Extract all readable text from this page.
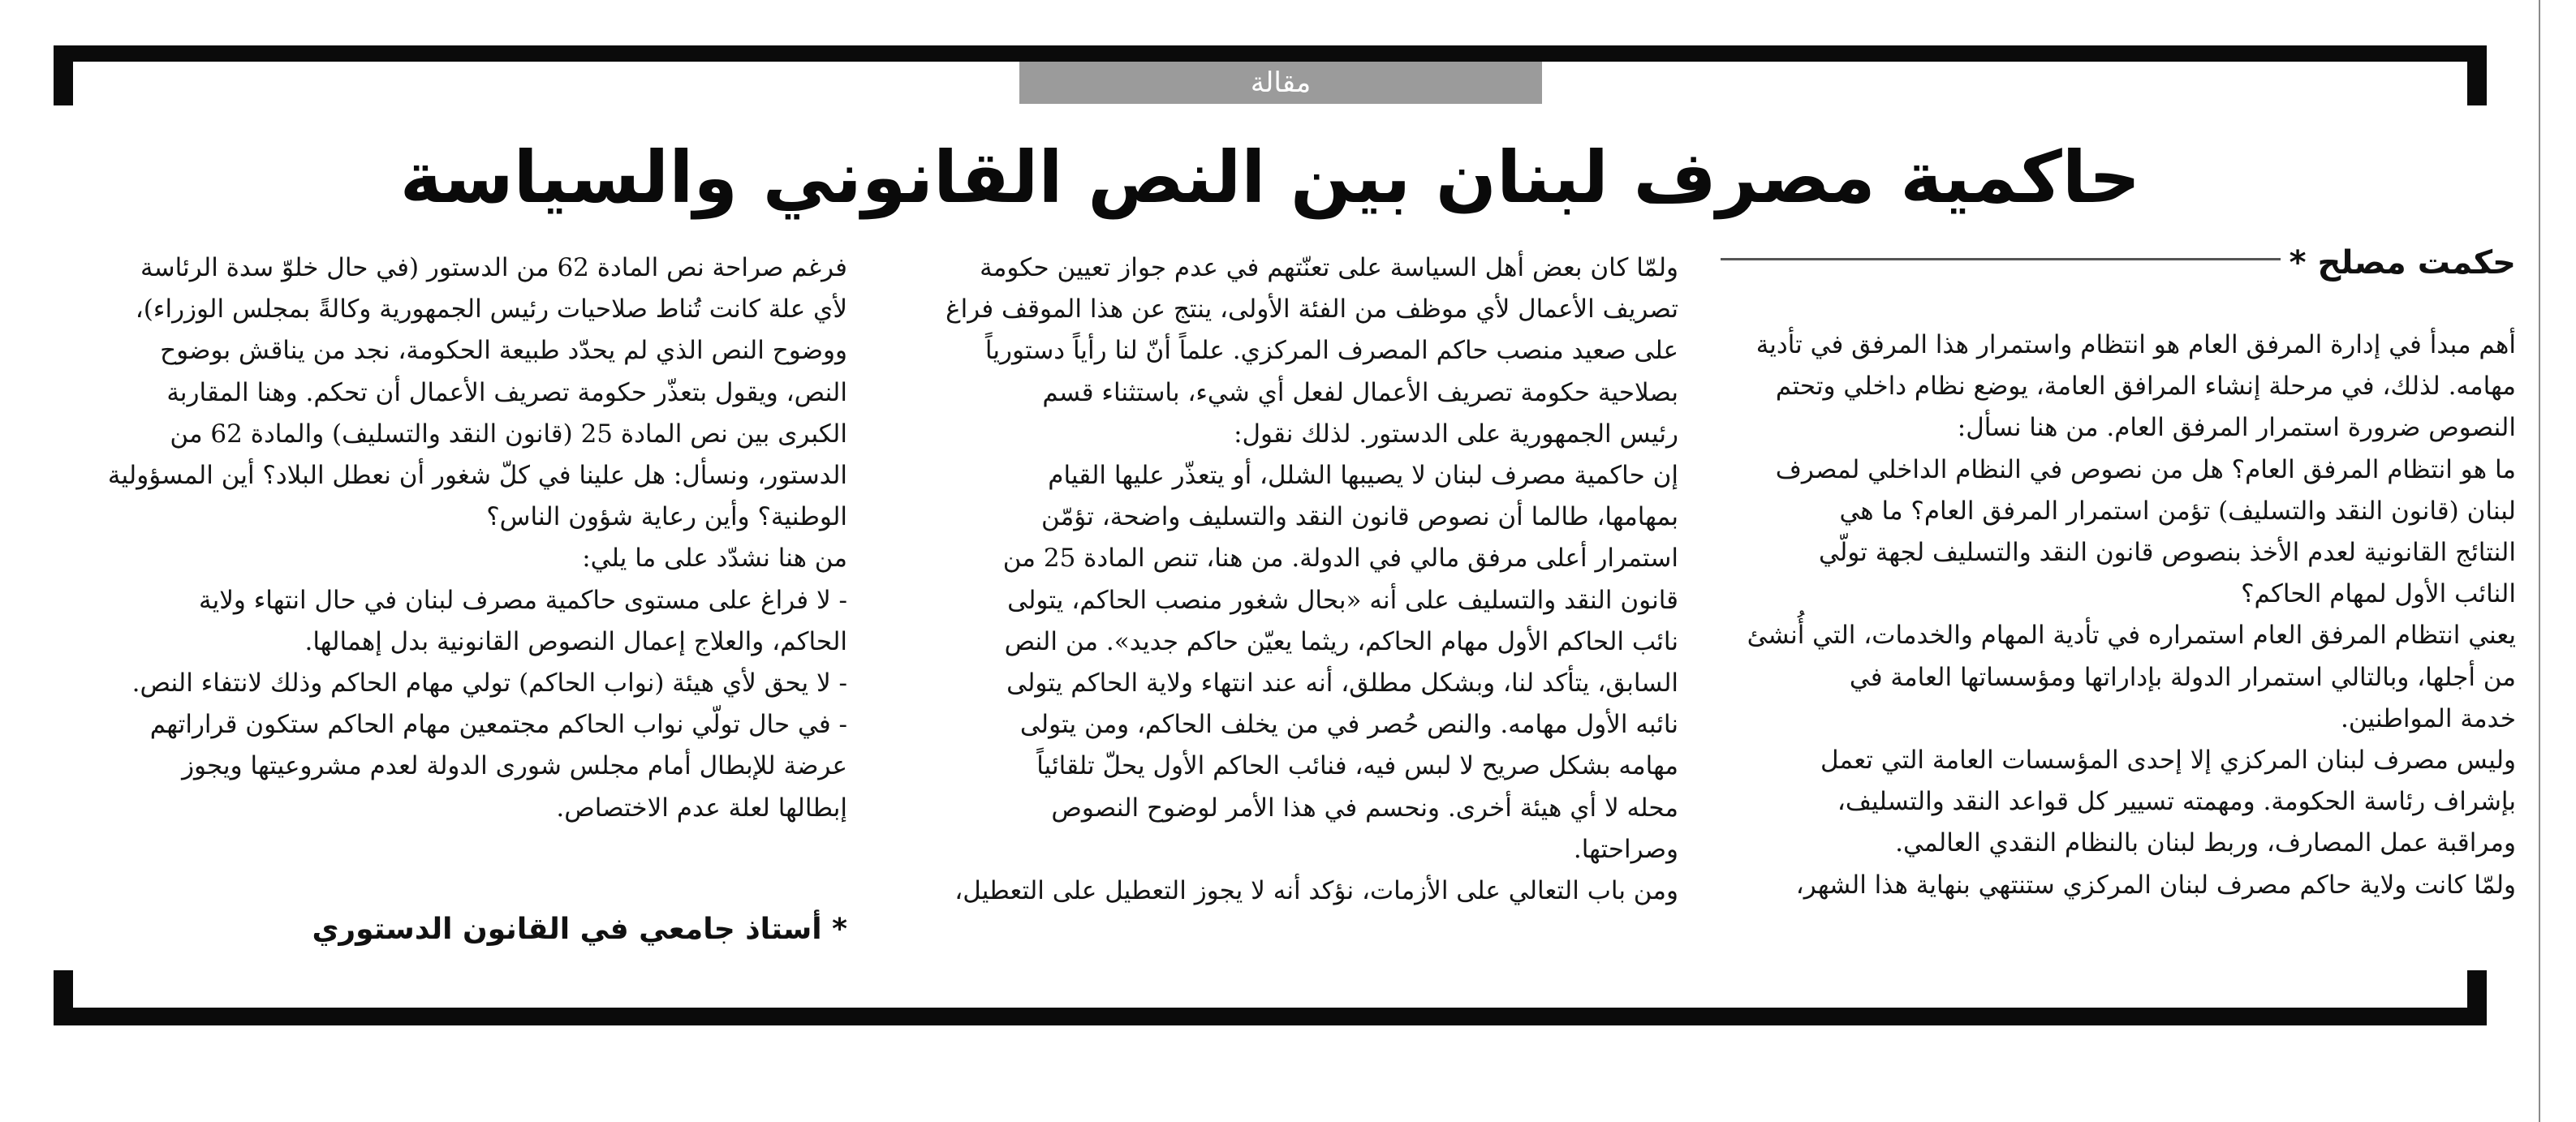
مقالة
حاكمية مصرف لبنان بين النص القانوني والسياسة
حكمت مصلح *

أهم مبدأ في إدارة المرفق العام هو انتظام واستمرار هذا المرفق في تأدية

مهامه. لذلك، في مرحلة إنشاء المرافق العامة، يوضع نظام داخلي وتحتم

النصوص ضرورة استمرار المرفق العام. من هنا نسأل:

ما هو انتظام المرفق العام؟ هل من نصوص في النظام الداخلي لمصرف

لبنان (قانون النقد والتسليف) تؤمن استمرار المرفق العام؟ ما هي

النتائج القانونية لعدم الأخذ بنصوص قانون النقد والتسليف لجهة تولّي

النائب الأول لمهام الحاكم؟

يعني انتظام المرفق العام استمراره في تأدية المهام والخدمات، التي أُنشئ

من أجلها، وبالتالي استمرار الدولة بإداراتها ومؤسساتها العامة في

خدمة المواطنين.

وليس مصرف لبنان المركزي إلا إحدى المؤسسات العامة التي تعمل

بإشراف رئاسة الحكومة. ومهمته تسيير كل قواعد النقد والتسليف،

ومراقبة عمل المصارف، وربط لبنان بالنظام النقدي العالمي.

ولمّا كانت ولاية حاكم مصرف لبنان المركزي ستنتهي بنهاية هذا الشهر،

ولمّا كان بعض أهل السياسة على تعنّتهم في عدم جواز تعيين حكومة

تصريف الأعمال لأي موظف من الفئة الأولى، ينتج عن هذا الموقف فراغ

على صعيد منصب حاكم المصرف المركزي. علماً أنّ لنا رأياً دستورياً

بصلاحية حكومة تصريف الأعمال لفعل أي شيء، باستثناء قسم

رئيس الجمهورية على الدستور. لذلك نقول:

إن حاكمية مصرف لبنان لا يصيبها الشلل، أو يتعذّر عليها القيام

بمهامها، طالما أن نصوص قانون النقد والتسليف واضحة، تؤمّن

استمرار أعلى مرفق مالي في الدولة. من هنا، تنص المادة 25 من

قانون النقد والتسليف على أنه «بحال شغور منصب الحاكم، يتولى

نائب الحاكم الأول مهام الحاكم، ريثما يعيّن حاكم جديد». من النص

السابق، يتأكد لنا، وبشكل مطلق، أنه عند انتهاء ولاية الحاكم يتولى

نائبه الأول مهامه. والنص حُصر في من يخلف الحاكم، ومن يتولى

مهامه بشكل صريح لا لبس فيه، فنائب الحاكم الأول يحلّ تلقائياً

محله لا أي هيئة أخرى. ونحسم في هذا الأمر لوضوح النصوص

وصراحتها.

ومن باب التعالي على الأزمات، نؤكد أنه لا يجوز التعطيل على التعطيل،

فرغم صراحة نص المادة 62 من الدستور (في حال خلوّ سدة الرئاسة

لأي علة كانت تُناط صلاحيات رئيس الجمهورية وكالةً بمجلس الوزراء)،

ووضوح النص الذي لم يحدّد طبيعة الحكومة، نجد من يناقش بوضوح

النص، ويقول بتعذّر حكومة تصريف الأعمال أن تحكم. وهنا المقاربة

الكبرى بين نص المادة 25 (قانون النقد والتسليف) والمادة 62 من

الدستور، ونسأل: هل علينا في كلّ شغور أن نعطل البلاد؟ أين المسؤولية

الوطنية؟ وأين رعاية شؤون الناس؟

من هنا نشدّد على ما يلي:

- لا فراغ على مستوى حاكمية مصرف لبنان في حال انتهاء ولاية

الحاكم، والعلاج إعمال النصوص القانونية بدل إهمالها.

- لا يحق لأي هيئة (نواب الحاكم) تولي مهام الحاكم وذلك لانتفاء النص.

- في حال تولّي نواب الحاكم مجتمعين مهام الحاكم ستكون قراراتهم

عرضة للإبطال أمام مجلس شورى الدولة لعدم مشروعيتها ويجوز

إبطالها لعلة عدم الاختصاص.

* أستاذ جامعي في القانون الدستوري
